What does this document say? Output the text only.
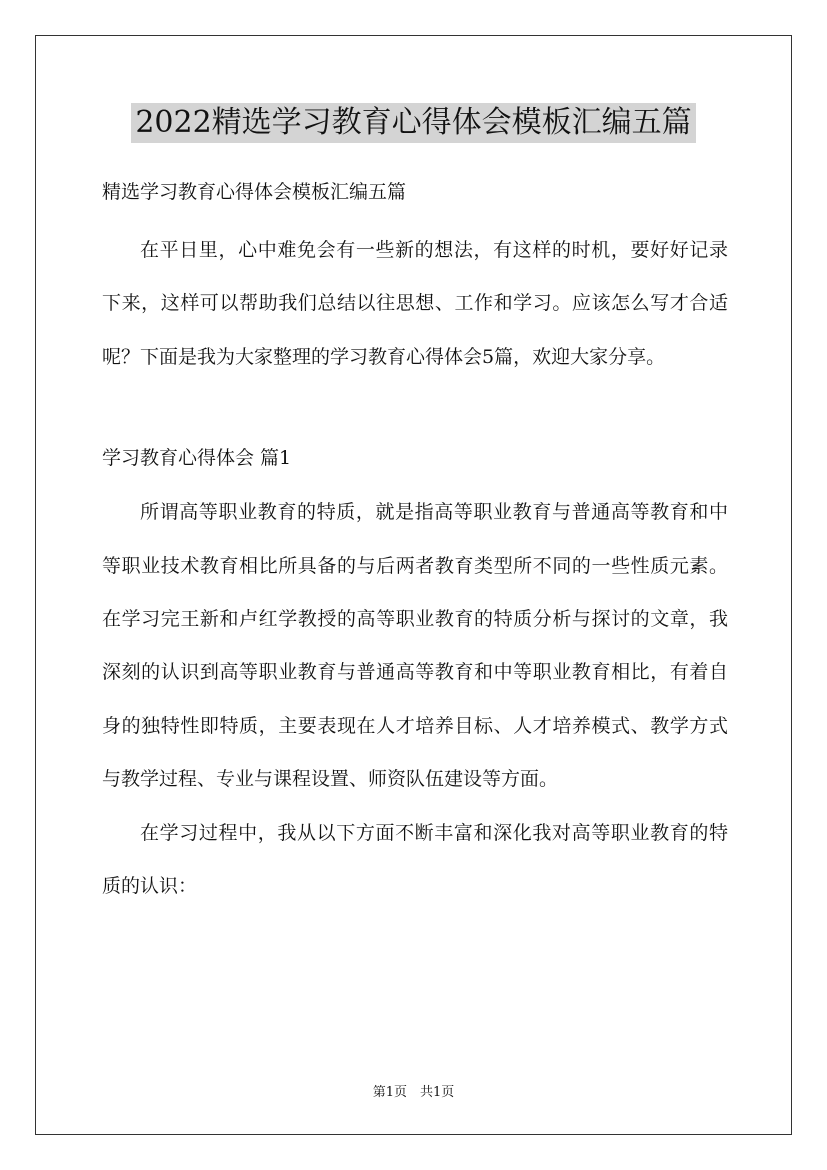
2022精选学习教育心得体会模板汇编五篇
精选学习教育心得体会模板汇编五篇

在平日里，心中难免会有一些新的想法，有这样的时机，要好好记录下来，这样可以帮助我们总结以往思想、工作和学习。应该怎么写才合适呢？下面是我为大家整理的学习教育心得体会5篇，欢迎大家分享。

学习教育心得体会 篇1

所谓高等职业教育的特质，就是指高等职业教育与普通高等教育和中等职业技术教育相比所具备的与后两者教育类型所不同的一些性质元素。在学习完王新和卢红学教授的高等职业教育的特质分析与探讨的文章，我深刻的认识到高等职业教育与普通高等教育和中等职业教育相比，有着自身的独特性即特质，主要表现在人才培养目标、人才培养模式、教学方式与教学过程、专业与课程设置、师资队伍建设等方面。

在学习过程中，我从以下方面不断丰富和深化我对高等职业教育的特质的认识：

第1页　共1页
